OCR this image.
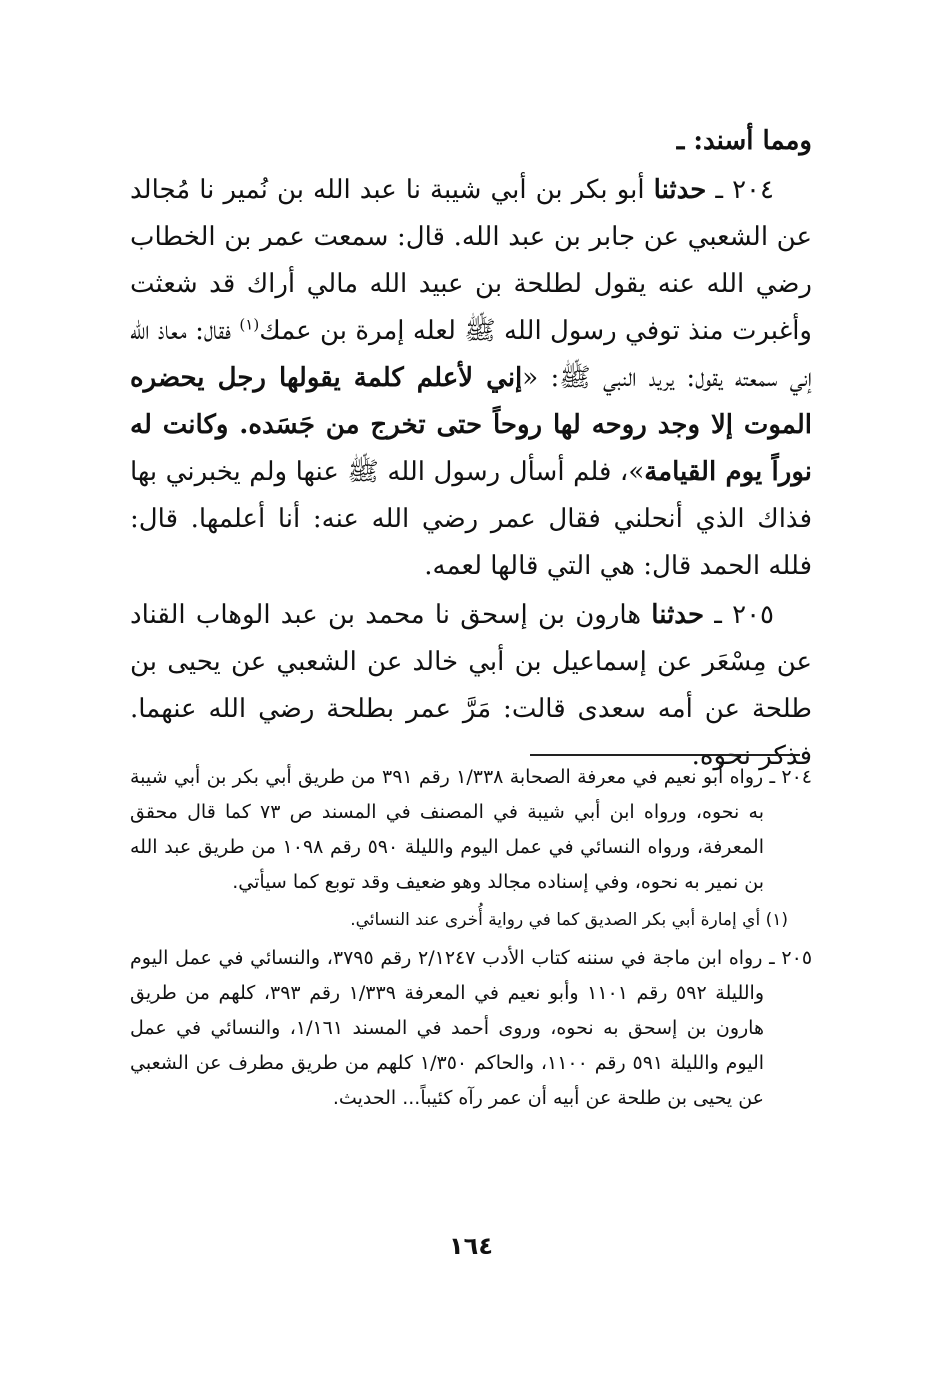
ومما أسند: ـ

٢٠٤ ـ حدثنا أبو بكر بن أبي شيبة نا عبد الله بن نُمير نا مُجالد عن الشعبي عن جابر بن عبد الله. قال: سمعت عمر بن الخطاب رضي الله عنه يقول لطلحة بن عبيد الله مالي أراك قد شعثت وأغبرت منذ توفي رسول الله ﷺ لعله إمرة بن عمك$^{(١)}$ فقال: معاذ الله إني سمعته يقول: يريد النبي ﷺ: «إني لأعلم كلمة يقولها رجل يحضره الموت إلا وجد روحه لها روحاً حتى تخرج من جَسَده. وكانت له نوراً يوم القيامة»، فلم أسأل رسول الله ﷺ عنها ولم يخبرني بها فذاك الذي أنحلني فقال عمر رضي الله عنه: أنا أعلمها. قال: فلله الحمد قال: هي التي قالها لعمه.

٢٠٥ ـ حدثنا هارون بن إسحق نا محمد بن عبد الوهاب القناد عن مِسْعَر عن إسماعيل بن أبي خالد عن الشعبي عن يحيى بن طلحة عن أمه سعدى قالت: مَرَّ عمر بطلحة رضي الله عنهما. فذكر نحوه.

٢٠٤ ـ رواه أبو نعيم في معرفة الصحابة ١/٣٣٨ رقم ٣٩١ من طريق أبي بكر بن أبي شيبة به نحوه، ورواه ابن أبي شيبة في المصنف في المسند ص ٧٣ كما قال محقق المعرفة، ورواه النسائي في عمل اليوم والليلة ٥٩٠ رقم ١٠٩٨ من طريق عبد الله بن نمير به نحوه، وفي إسناده مجالد وهو ضعيف وقد توبع كما سيأتي.

(١) أي إمارة أبي بكر الصديق كما في رواية أُخرى عند النسائي.

٢٠٥ ـ رواه ابن ماجة في سننه كتاب الأدب ٢/١٢٤٧ رقم ٣٧٩٥، والنسائي في عمل اليوم والليلة ٥٩٢ رقم ١١٠١ وأبو نعيم في المعرفة ١/٣٣٩ رقم ٣٩٣، كلهم من طريق هارون بن إسحق به نحوه، وروى أحمد في المسند ١/١٦١، والنسائي في عمل اليوم والليلة ٥٩١ رقم ١١٠٠، والحاكم ١/٣٥٠ كلهم من طريق مطرف عن الشعبي عن يحيى بن طلحة عن أبيه أن عمر رآه كئيباً... الحديث.

١٦٤
